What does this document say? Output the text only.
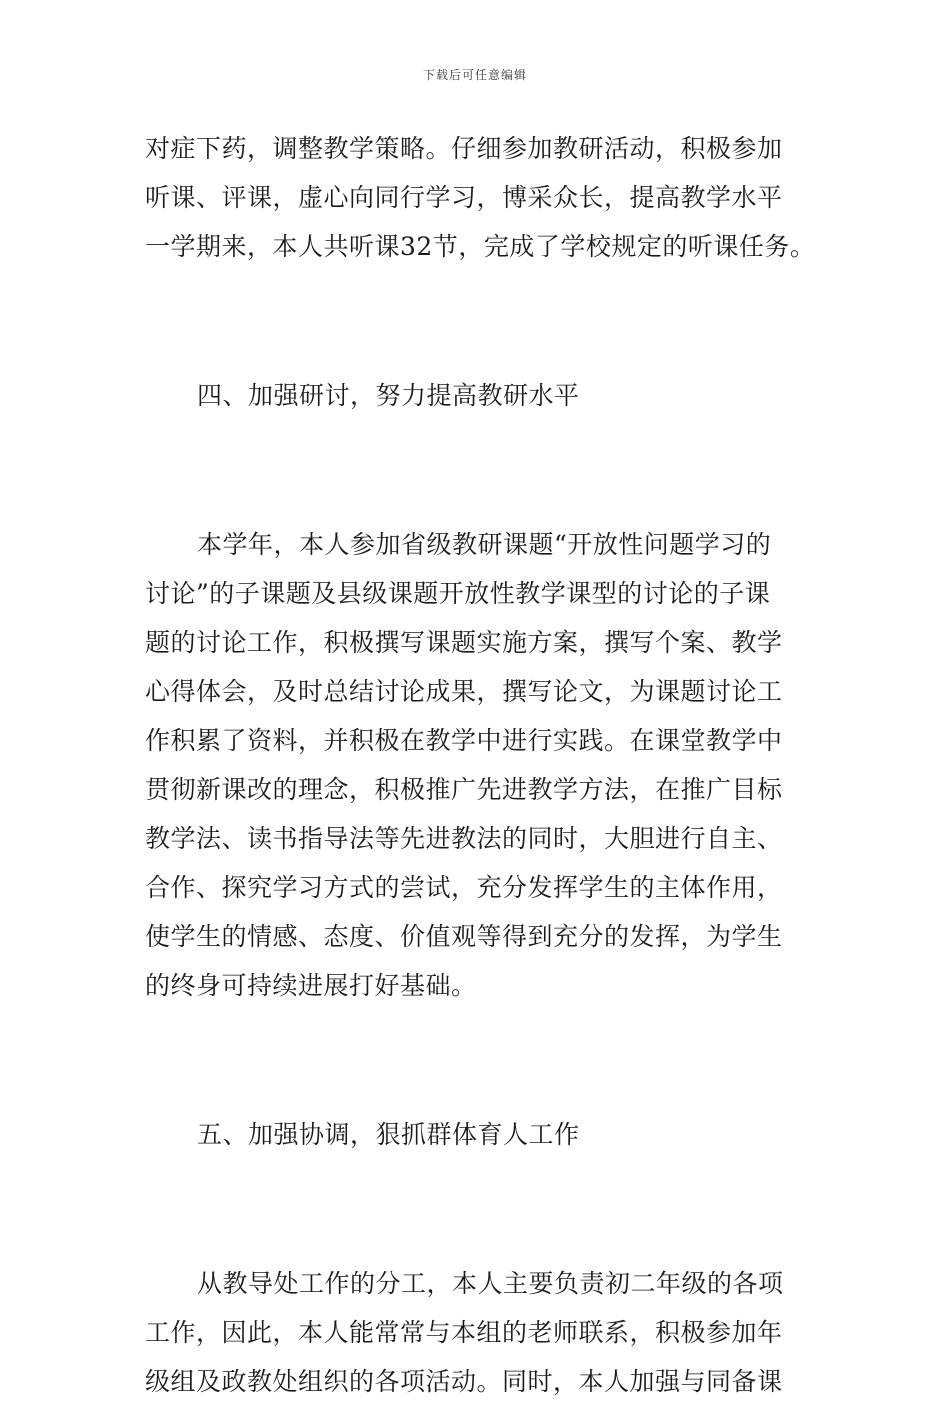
下载后可任意编辑
对症下药，调整教学策略。仔细参加教研活动，积极参加
听课、评课，虚心向同行学习，博采众长，提高教学水平
一学期来，本人共听课32节，完成了学校规定的听课任务。
四、加强研讨，努力提高教研水平
本学年，本人参加省级教研课题“开放性问题学习的
讨论”的子课题及县级课题开放性教学课型的讨论的子课
题的讨论工作，积极撰写课题实施方案，撰写个案、教学
心得体会，及时总结讨论成果，撰写论文，为课题讨论工
作积累了资料，并积极在教学中进行实践。在课堂教学中
贯彻新课改的理念，积极推广先进教学方法，在推广目标
教学法、读书指导法等先进教法的同时，大胆进行自主、
合作、探究学习方式的尝试，充分发挥学生的主体作用，
使学生的情感、态度、价值观等得到充分的发挥，为学生
的终身可持续进展打好基础。
五、加强协调，狠抓群体育人工作
从教导处工作的分工，本人主要负责初二年级的各项
工作，因此，本人能常常与本组的老师联系，积极参加年
级组及政教处组织的各项活动。同时，本人加强与同备课
